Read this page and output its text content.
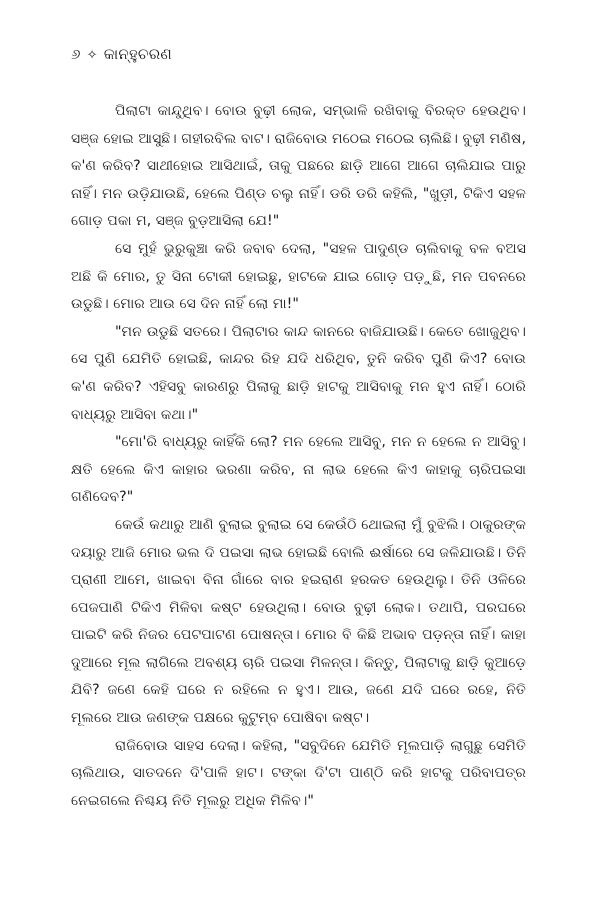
୬ ✧ କାନ୍ହୁଚରଣ

ପିଲାଟା କାନ୍ଦୁଥିବ। ବୋଉ ବୁଢ଼ୀ ଲୋକ, ସମ୍ଭାଳି ରଖିବାକୁ ବିରକ୍ତ ହେଉଥିବ। ସଞ୍ଜ ହୋଇ ଆସୁଛି। ଗହୀରବିଲ ବାଟ। ରାଜିବୋଉ ମଠେଇ ମଠେଇ ଚାଲିଛି। ବୁଢ଼ୀ ମଣିଷ, କ'ଣ କରିବ? ସାଥୀହୋଇ ଆସିଥାଇଁ, ତାକୁ ପଛରେ ଛାଡ଼ି ଆଗେ ଆଗେ ଚାଲିଯାଇ ପାରୁ ନାହିଁ। ମନ ଉଡ଼ିଯାଉଛି, ହେଲେ ପିଣ୍ଡ ଚଲୁ ନାହିଁ। ଡରି ଡରି କହିଲି, "ଖୁଡ଼ୀ, ଟିକିଏ ସହଳ ଗୋଡ଼ ପକା ମ, ସଞ୍ଜ ବୁଡ଼ଆସିଲା ଯେ!"

ସେ ମୁହଁ ଭୁରୁକୁଞ୍ଚା କରି ଜବାବ ଦେଲା, "ସହଳ ପାଦୁଣ୍ଡ ଚାଲିବାକୁ ବଳ ବଅସ ଅଛି କି ମୋର, ତୁ ସିନା ଟୋକୀ ହୋଇଛୁ, ହାଟକେ ଯାଇ ଗୋଡ଼ ପଡ଼ୁଛି, ମନ ପବନରେ ଉଡୁଛି। ମୋର ଆଉ ସେ ଦିନ ନାହିଁ ଲୋ ମା!"

"ମନ ଉଡୁଛି ସତରେ। ପିଲାଟାର କାନ୍ଦ କାନରେ ବାଜିଯାଉଛି। କେତେ ଖୋଜୁଥିବ। ସେ ପୁଣି ଯେମିତି ହୋଇଛି, କାନ୍ଦର ରିହ ଯଦି ଧରିଥିବ, ତୁନି କରିବ ପୁଣି କିଏ? ବୋଉ କ'ଣ କରିବ? ଏହିସବୁ କାରଣରୁ ପିଲାକୁ ଛାଡ଼ି ହାଟକୁ ଆସିବାକୁ ମନ ହୁଏ ନାହିଁ। ଠୋରି ବାଧ୍ୟରୁ ଆସିବା କଥା।"

"ମୋ'ରି ବାଧ୍ୟରୁ କାହିଁକି ଲୋ? ମନ ହେଲେ ଆସିବୁ, ମନ ନ ହେଲେ ନ ଆସିବୁ। କ୍ଷତି ହେଲେ କିଏ କାହାର ଭରଣା କରିବ, ନା ଲାଭ ହେଲେ କିଏ କାହାକୁ ଚାରିପଇସା ଗଣିଦେବ?"

କେଉଁ କଥାରୁ ଆଣି ବୁଲାଇ ବୁଲାଇ ସେ କେଉଁଠି ଥୋଇଲା ମୁଁ ବୁଝିଲି। ଠାକୁରଙ୍କ ଦୟାରୁ ଆଜି ମୋର ଭଲ ଦି ପଇସା ଲାଭ ହୋଇଛି ବୋଲି ଈର୍ଷାରେ ସେ ଜଳିଯାଉଛି। ତିନି ପ୍ରାଣୀ ଆମେ, ଖାଇବା ବିନା ଗାଁରେ ବାର ହଇରାଣ ହରକତ ହେଉଥିଲୁ। ତିନି ଓଳିରେ ପେଜପାଣି ଟିକିଏ ମିଳିବା କଷ୍ଟ ହେଉଥିଲା। ବୋଉ ବୁଢ଼ୀ ଲୋକ। ତଥାପି, ପରଘରେ ପାଇଟି କରି ନିଜର ପେଟପାଟଣ ପୋଷନ୍ତା। ମୋର ବି କିଛି ଅଭାବ ପଡ଼ନ୍ତା ନାହିଁ। କାହା ଦୁଆରେ ମୂଲ ଲାଗିଲେ ଅବଶ୍ୟ ଚାରି ପଇସା ମିଳନ୍ତା। କିନ୍ତୁ, ପିଲାଟାକୁ ଛାଡ଼ି କୁଆଡ଼େ ଯିବି? ଜଣେ କେହି ଘରେ ନ ରହିଲେ ନ ହୁଏ। ଆଉ, ଜଣେ ଯଦି ଘରେ ରହେ, ନିତି ମୂଲରେ ଆଉ ଜଣଙ୍କ ପକ୍ଷରେ କୁଟୁମ୍ବ ପୋଷିବା କଷ୍ଟ।

ରାଜିବୋଉ ସାହସ ଦେଲା। କହିଲା, "ସବୁଦିନେ ଯେମିତି ମୂଲପାଡ଼ି ଲାଗୁଛୁ ସେମିତି ଚାଲିଥାଉ, ସାତଦନେ ଦି'ପାଳି ହାଟ। ଟଙ୍କା ଦି'ଟା ପାଣ୍ଠି କରି ହାଟକୁ ପରିବାପତ୍ର ନେଇଗଲେ ନିଶ୍ଚୟ ନିତି ମୂଲରୁ ଅଧିକ ମିଳିବ।"
